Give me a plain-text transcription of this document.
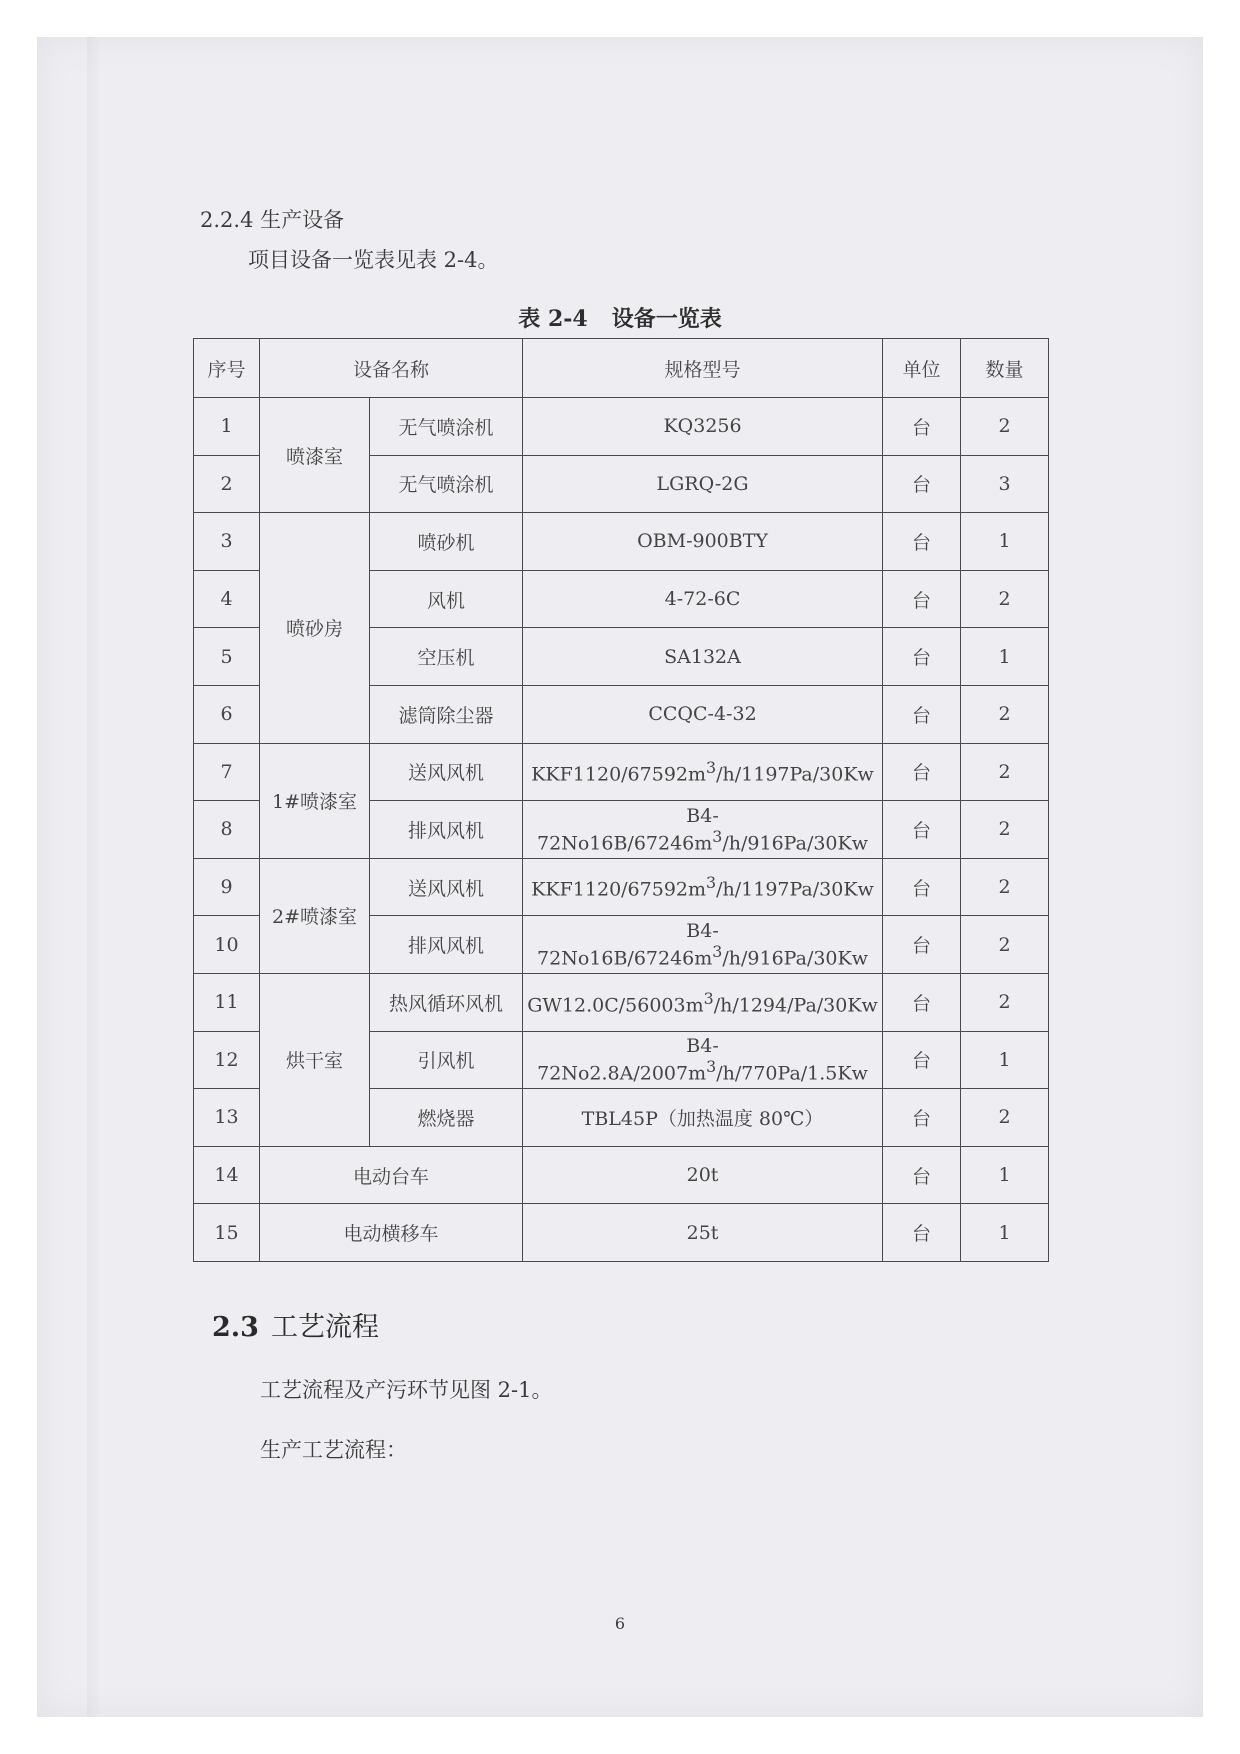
2.2.4 生产设备
项目设备一览表见表 2-4。
表 2-4 设备一览表
序号	设备名称		规格型号	单位	数量
1	喷漆室	无气喷涂机	KQ3256	台	2
2		无气喷涂机	LGRQ-2G	台	3
3	喷砂房	喷砂机	OBM-900BTY	台	1
4		风机	4-72-6C	台	2
5		空压机	SA132A	台	1
6		滤筒除尘器	CCQC-4-32	台	2
7	1#喷漆室	送风风机	$KKF1120/67592m^3/h/1197Pa/30Kw$	台	2
8		排风风机	$B4-72No16B/67246m^3/h/916Pa/30Kw$	台	2
9	2#喷漆室	送风风机	$KKF1120/67592m^3/h/1197Pa/30Kw$	台	2
10		排风风机	$B4-72No16B/67246m^3/h/916Pa/30Kw$	台	2
11	烘干室	热风循环风机	$GW12.0C/56003m^3/h/1294/Pa/30Kw$	台	2
12		引风机	$B4-72No2.8A/2007m^3/h/770Pa/1.5Kw$	台	1
13		燃烧器	TBL45P（加热温度 80℃）	台	2
14	电动台车		20t	台	1
15	电动横移车		25t	台	1
2.3 工艺流程
工艺流程及产污环节见图 2-1。
生产工艺流程：
6
